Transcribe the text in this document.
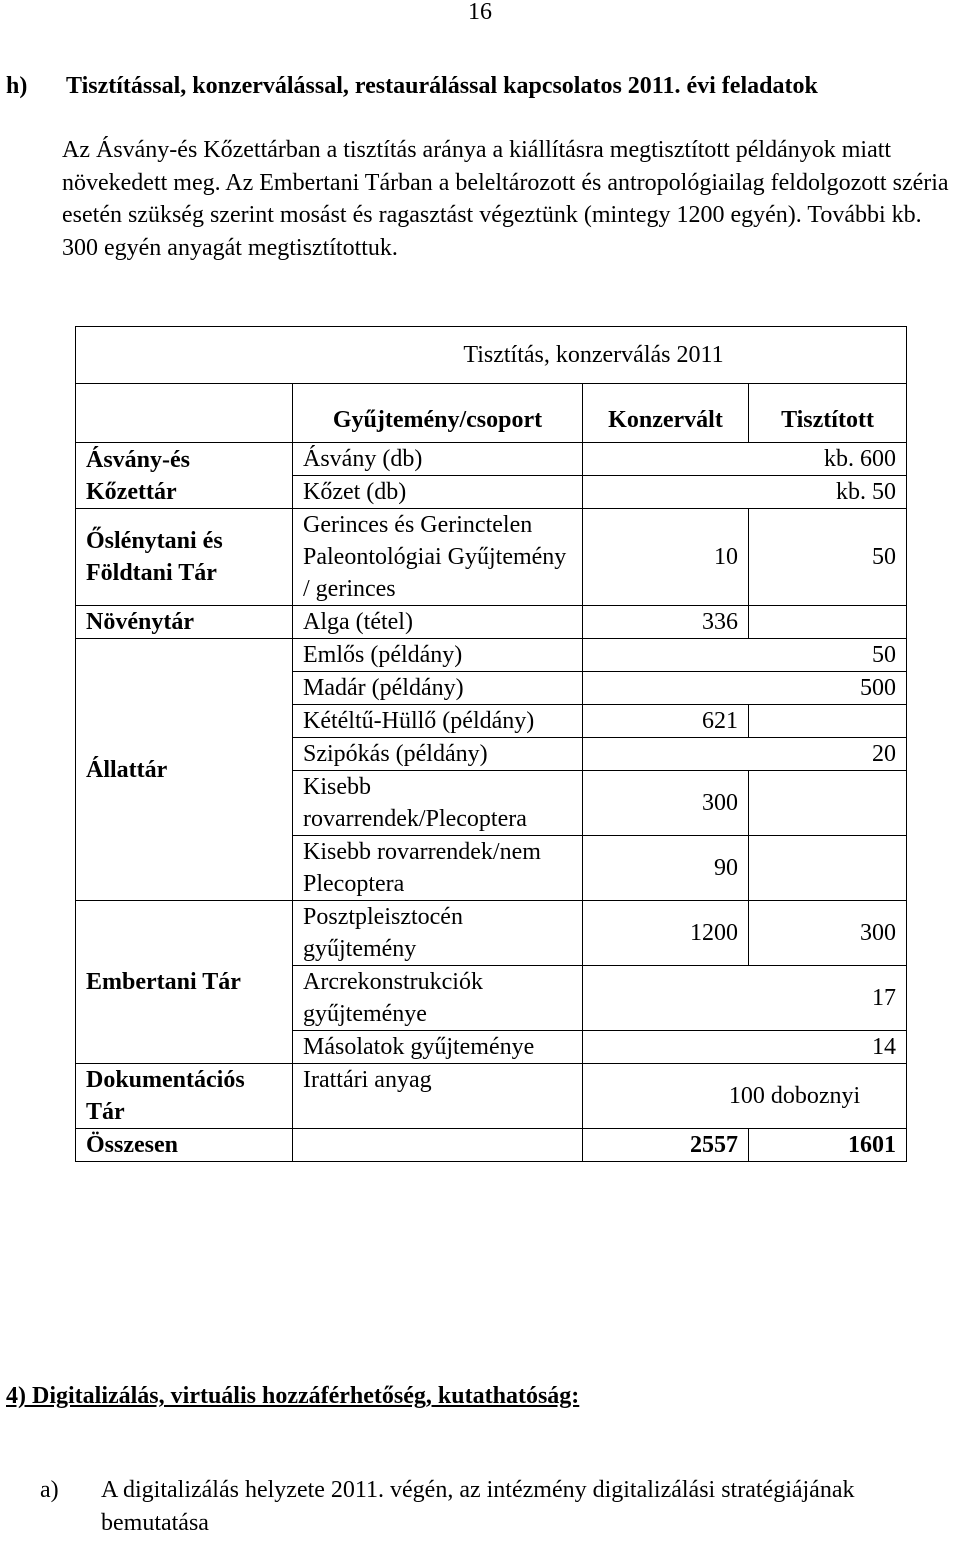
16
h) Tisztítással, konzerválással, restaurálással kapcsolatos 2011. évi feladatok
Az Ásvány-és Kőzettárban a tisztítás aránya a kiállításra megtisztított példányok miatt növekedett meg. Az Embertani Tárban a beleltározott és antropológiailag feldolgozott széria esetén szükség szerint mosást és ragasztást végeztünk (mintegy 1200 egyén). További kb. 300 egyén anyagát megtisztítottuk.
Tisztítás, konzerválás 2011			
	Gyűjtemény/csoport	Konzervált	Tisztított
Ásvány-és Kőzettár	Ásvány (db)	kb. 600	
	Kőzet (db)	kb. 50	
Őslénytani és Földtani Tár	Gerinces és Gerinctelen Paleontológiai Gyűjtemény / gerinces	10	50
Növénytár	Alga (tétel)	336	
Állattár	Emlős (példány)	50	
	Madár (példány)	500	
	Kétéltű-Hüllő (példány)	621	
	Szipókás (példány)	20	
	Kisebb rovarrendek/Plecoptera	300	
	Kisebb rovarrendek/nem Plecoptera	90	
Embertani Tár	Posztpleisztocén gyűjtemény	1200	300
	Arcrekonstrukciók gyűjteménye	17	
	Másolatok gyűjteménye	14	
Dokumentációs Tár	Irattári anyag	100 doboznyi	
Összesen		2557	1601
4) Digitalizálás, virtuális hozzáférhetőség, kutathatóság:
a) A digitalizálás helyzete 2011. végén, az intézmény digitalizálási stratégiájának bemutatása
